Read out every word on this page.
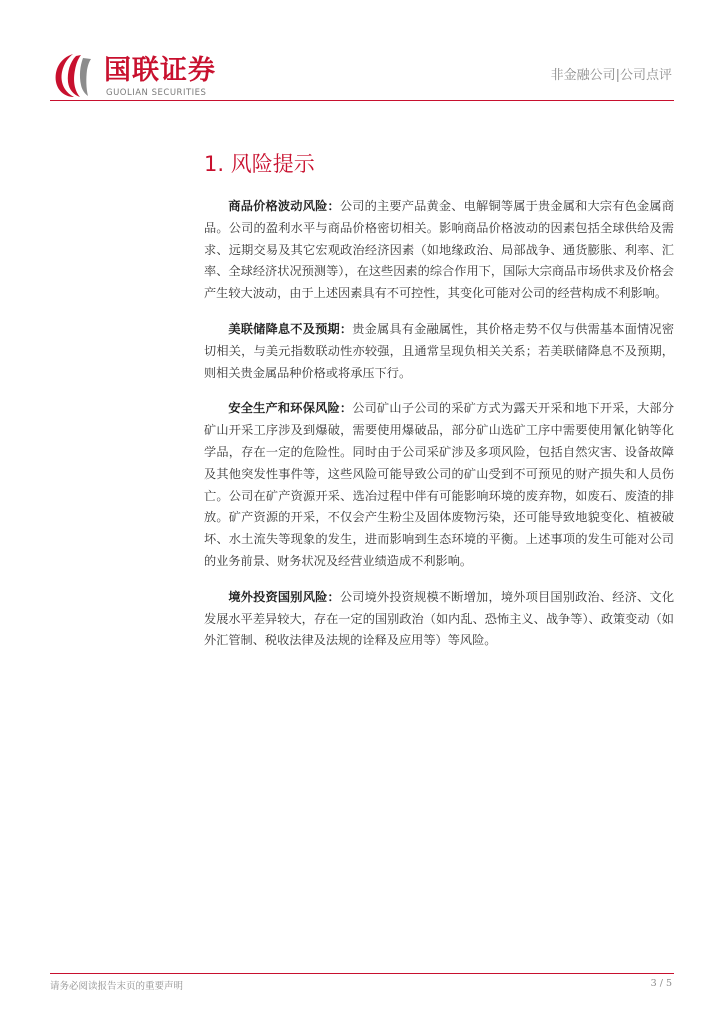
国联证券
GUOLIAN SECURITIES
非金融公司|公司点评
1. 风险提示

商品价格波动风险：公司的主要产品黄金、电解铜等属于贵金属和大宗有色金属商品。公司的盈利水平与商品价格密切相关。影响商品价格波动的因素包括全球供给及需求、远期交易及其它宏观政治经济因素（如地缘政治、局部战争、通货膨胀、利率、汇率、全球经济状况预测等），在这些因素的综合作用下，国际大宗商品市场供求及价格会产生较大波动，由于上述因素具有不可控性，其变化可能对公司的经营构成不利影响。

美联储降息不及预期：贵金属具有金融属性，其价格走势不仅与供需基本面情况密切相关，与美元指数联动性亦较强，且通常呈现负相关关系；若美联储降息不及预期，则相关贵金属品种价格或将承压下行。

安全生产和环保风险：公司矿山子公司的采矿方式为露天开采和地下开采，大部分矿山开采工序涉及到爆破，需要使用爆破品，部分矿山选矿工序中需要使用氰化钠等化学品，存在一定的危险性。同时由于公司采矿涉及多项风险，包括自然灾害、设备故障及其他突发性事件等，这些风险可能导致公司的矿山受到不可预见的财产损失和人员伤亡。公司在矿产资源开采、选冶过程中伴有可能影响环境的废弃物，如废石、废渣的排放。矿产资源的开采，不仅会产生粉尘及固体废物污染，还可能导致地貌变化、植被破坏、水土流失等现象的发生，进而影响到生态环境的平衡。上述事项的发生可能对公司的业务前景、财务状况及经营业绩造成不利影响。

境外投资国别风险：公司境外投资规模不断增加，境外项目国别政治、经济、文化发展水平差异较大，存在一定的国别政治（如内乱、恐怖主义、战争等）、政策变动（如外汇管制、税收法律及法规的诠释及应用等）等风险。

请务必阅读报告末页的重要声明	3 / 5
